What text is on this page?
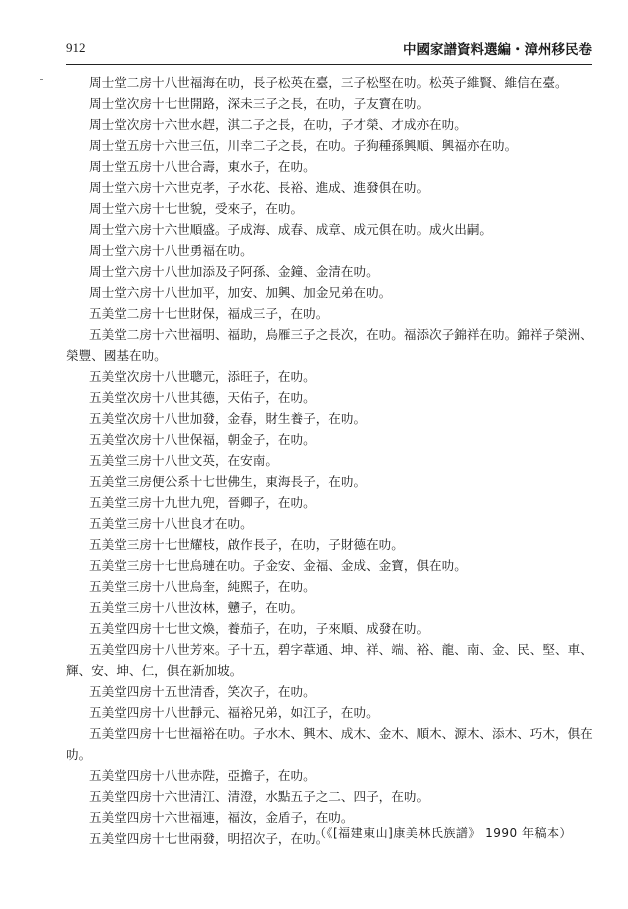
912	中國家譜資料選編・漳州移民卷

周士堂二房十八世福海在叻，長子松英在臺，三子松堅在叻。松英子維賢、維信在臺。

周士堂次房十七世開路，深未三子之長，在叻，子友寶在叻。

周士堂次房十六世水趕，淇二子之長，在叻，子才榮、才成亦在叻。

周士堂五房十六世三伍，川幸二子之長，在叻。子狗種孫興順、興福亦在叻。

周士堂五房十八世合壽，東水子，在叻。

周士堂六房十六世克孝，子水花、長裕、進成、進發俱在叻。

周士堂六房十七世貌，受來子，在叻。

周士堂六房十六世順盛。子成海、成春、成章、成元俱在叻。成火出嗣。

周士堂六房十八世勇福在叻。

周士堂六房十八世加添及子阿孫、金鐘、金清在叻。

周士堂六房十八世加平，加安、加興、加金兄弟在叻。

五美堂二房十七世財保，福成三子，在叻。

五美堂二房十六世福明、福助，烏雁三子之長次，在叻。福添次子錦祥在叻。錦祥子榮洲、榮豐、國基在叻。

五美堂次房十八世聰元，添旺子，在叻。

五美堂次房十八世其德，天佑子，在叻。

五美堂次房十八世加發，金春，財生養子，在叻。

五美堂次房十八世保福，朝金子，在叻。

五美堂三房十八世文英，在安南。

五美堂三房便公系十七世佛生，東海長子，在叻。

五美堂三房十九世九兜，晉卿子，在叻。

五美堂三房十八世良才在叻。

五美堂三房十七世耀枝，啟作長子，在叻，子財德在叻。

五美堂三房十七世烏璉在叻。子金安、金福、金成、金寶，俱在叻。

五美堂三房十八世烏奎，純熙子，在叻。

五美堂三房十八世汝林，戇子，在叻。

五美堂四房十七世文煥，養茄子，在叻，子來順、成發在叻。

五美堂四房十八世芳來。子十五，碧字葦通、坤、祥、端、裕、龍、南、金、民、堅、車、輝、安、坤、仁，俱在新加坡。

五美堂四房十五世清香，笑次子，在叻。

五美堂四房十八世靜元、福裕兄弟，如江子，在叻。

五美堂四房十七世福裕在叻。子水木、興木、成木、金木、順木、源木、添木、巧木，俱在叻。

五美堂四房十八世赤陛，亞擔子，在叻。

五美堂四房十六世清江、清澄，水點五子之二、四子，在叻。

五美堂四房十六世福連，福汝，金盾子，在叻。

五美堂四房十七世兩發，明招次子，在叻。

（《[福建東山]康美林氏族譜》 1990 年稿本）
